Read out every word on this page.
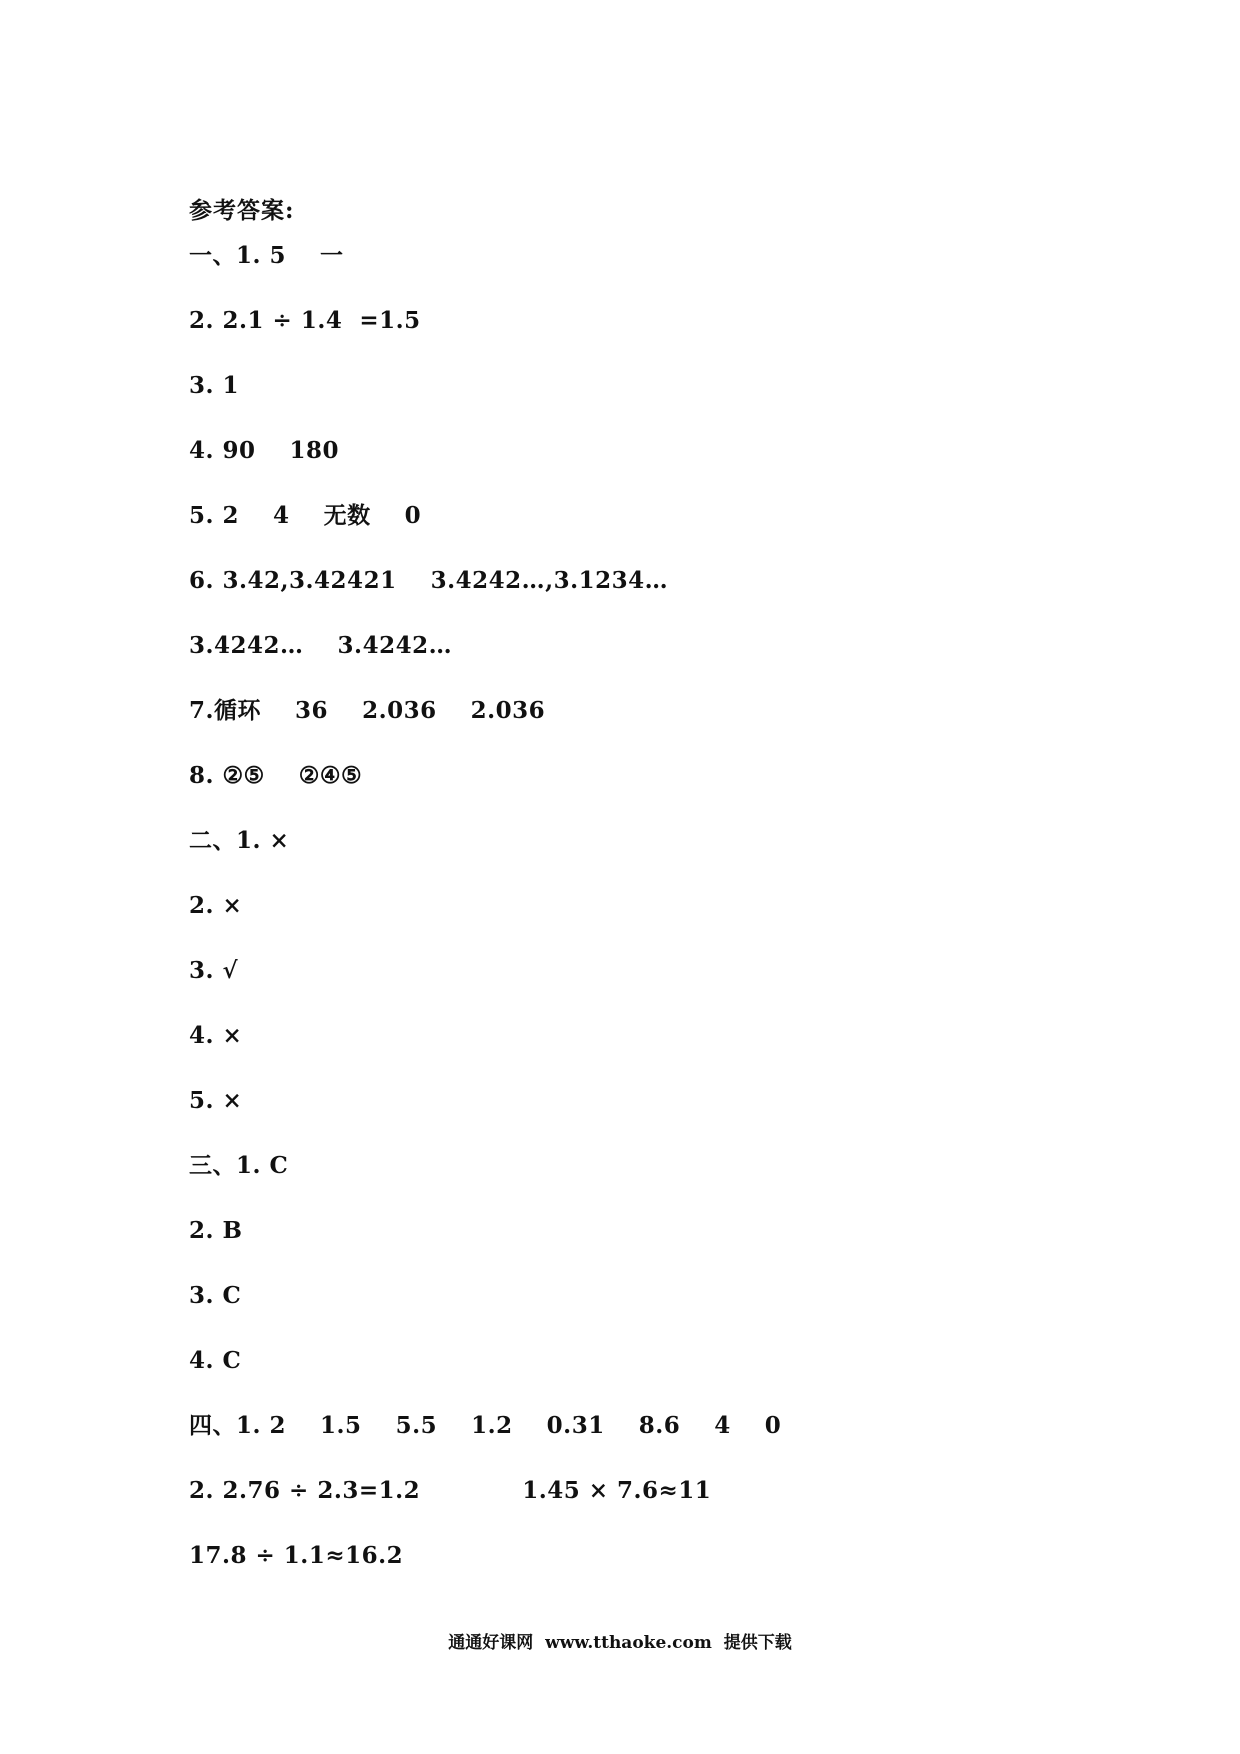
参考答案:
一、1. 5    一
2. 2.1 ÷ 1.4  =1.5
3. 1
4. 90    180
5. 2    4    无数    0
6. 3.42,3.42421    3.4242…,3.1234…
3.4242…    3.4242…
7.循环    36    2.036    2.036
8. ②⑤    ②④⑤
二、1. ×
2. ×
3. √
4. ×
5. ×
三、1. C
2. B
3. C
4. C
四、1. 2    1.5    5.5    1.2    0.31    8.6    4    0
2. 2.76 ÷ 2.3=1.2            1.45 × 7.6≈11
17.8 ÷ 1.1≈16.2
通通好课网  www.tthaoke.com  提供下载
